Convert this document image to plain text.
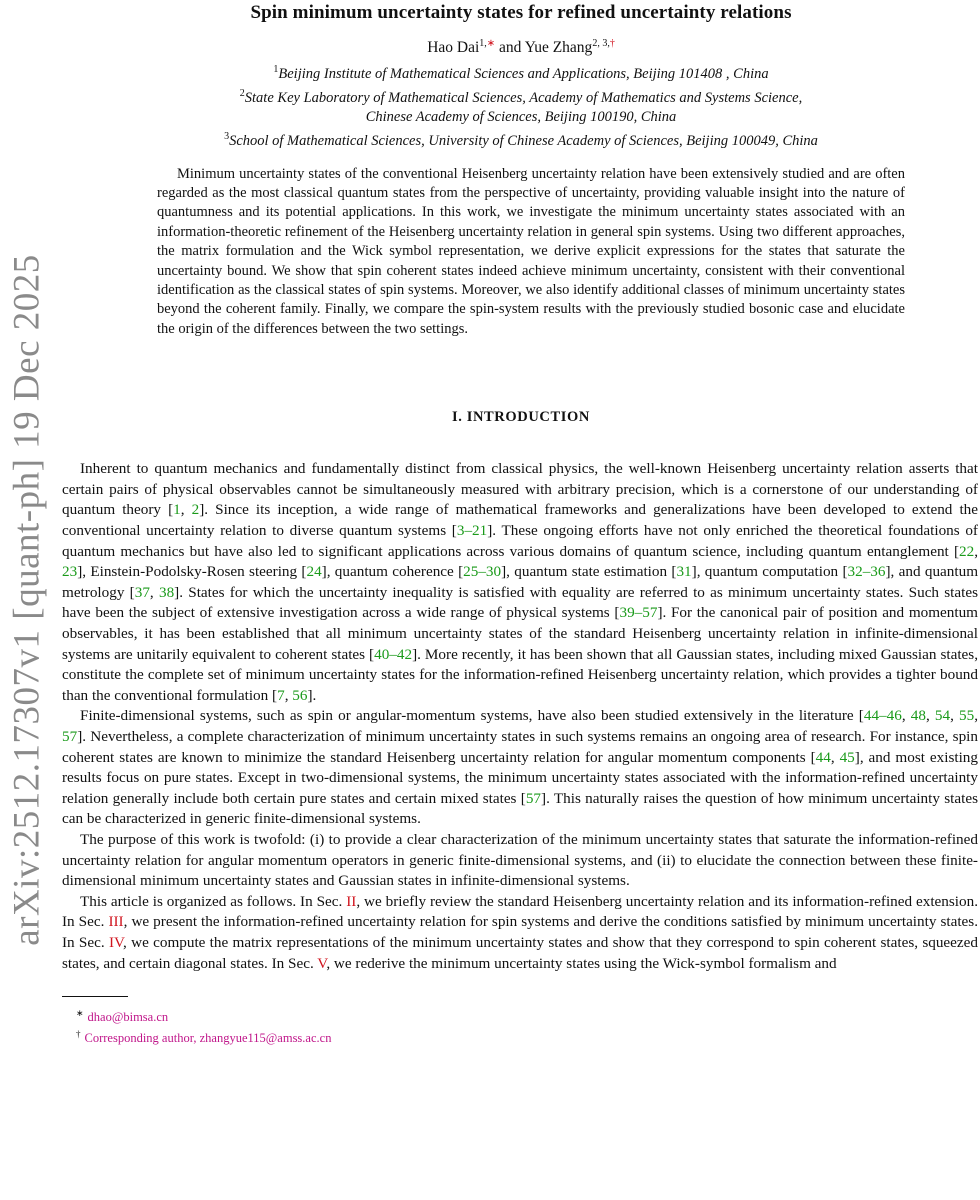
arXiv:2512.17307v1 [quant-ph] 19 Dec 2025
Spin minimum uncertainty states for refined uncertainty relations
Hao Dai$^{1,∗}$ and Yue Zhang$^{2, 3,\dagger}$
$^1$Beijing Institute of Mathematical Sciences and Applications, Beijing 101408 , China
$^2$State Key Laboratory of Mathematical Sciences, Academy of Mathematics and Systems Science,
Chinese Academy of Sciences, Beijing 100190, China
$^3$School of Mathematical Sciences, University of Chinese Academy of Sciences, Beijing 100049, China
Minimum uncertainty states of the conventional Heisenberg uncertainty relation have been extensively studied and are often regarded as the most classical quantum states from the perspective of uncertainty, providing valuable insight into the nature of quantumness and its potential applications. In this work, we investigate the minimum uncertainty states associated with an information-theoretic refinement of the Heisenberg uncertainty relation in general spin systems. Using two different approaches, the matrix formulation and the Wick symbol representation, we derive explicit expressions for the states that saturate the uncertainty bound. We show that spin coherent states indeed achieve minimum uncertainty, consistent with their conventional identification as the classical states of spin systems. Moreover, we also identify additional classes of minimum uncertainty states beyond the coherent family. Finally, we compare the spin-system results with the previously studied bosonic case and elucidate the origin of the differences between the two settings.
I. INTRODUCTION

Inherent to quantum mechanics and fundamentally distinct from classical physics, the well-known Heisenberg uncertainty relation asserts that certain pairs of physical observables cannot be simultaneously measured with arbitrary precision, which is a cornerstone of our understanding of quantum theory [1, 2]. Since its inception, a wide range of mathematical frameworks and generalizations have been developed to extend the conventional uncertainty relation to diverse quantum systems [3–21]. These ongoing efforts have not only enriched the theoretical foundations of quantum mechanics but have also led to significant applications across various domains of quantum science, including quantum entanglement [22, 23], Einstein-Podolsky-Rosen steering [24], quantum coherence [25–30], quantum state estimation [31], quantum computation [32–36], and quantum metrology [37, 38]. States for which the uncertainty inequality is satisfied with equality are referred to as minimum uncertainty states. Such states have been the subject of extensive investigation across a wide range of physical systems [39–57]. For the canonical pair of position and momentum observables, it has been established that all minimum uncertainty states of the standard Heisenberg uncertainty relation in infinite-dimensional systems are unitarily equivalent to coherent states [40–42]. More recently, it has been shown that all Gaussian states, including mixed Gaussian states, constitute the complete set of minimum uncertainty states for the information-refined Heisenberg uncertainty relation, which provides a tighter bound than the conventional formulation [7, 56].

Finite-dimensional systems, such as spin or angular-momentum systems, have also been studied extensively in the literature [44–46, 48, 54, 55, 57]. Nevertheless, a complete characterization of minimum uncertainty states in such systems remains an ongoing area of research. For instance, spin coherent states are known to minimize the standard Heisenberg uncertainty relation for angular momentum components [44, 45], and most existing results focus on pure states. Except in two-dimensional systems, the minimum uncertainty states associated with the information-refined uncertainty relation generally include both certain pure states and certain mixed states [57]. This naturally raises the question of how minimum uncertainty states can be characterized in generic finite-dimensional systems.

The purpose of this work is twofold: (i) to provide a clear characterization of the minimum uncertainty states that saturate the information-refined uncertainty relation for angular momentum operators in generic finite-dimensional systems, and (ii) to elucidate the connection between these finite-dimensional minimum uncertainty states and Gaussian states in infinite-dimensional systems.

This article is organized as follows. In Sec. II, we briefly review the standard Heisenberg uncertainty relation and its information-refined extension. In Sec. III, we present the information-refined uncertainty relation for spin systems and derive the conditions satisfied by minimum uncertainty states. In Sec. IV, we compute the matrix representations of the minimum uncertainty states and show that they correspond to spin coherent states, squeezed states, and certain diagonal states. In Sec. V, we rederive the minimum uncertainty states using the Wick-symbol formalism and

∗ dhao@bimsa.cn
† Corresponding author, zhangyue115@amss.ac.cn
